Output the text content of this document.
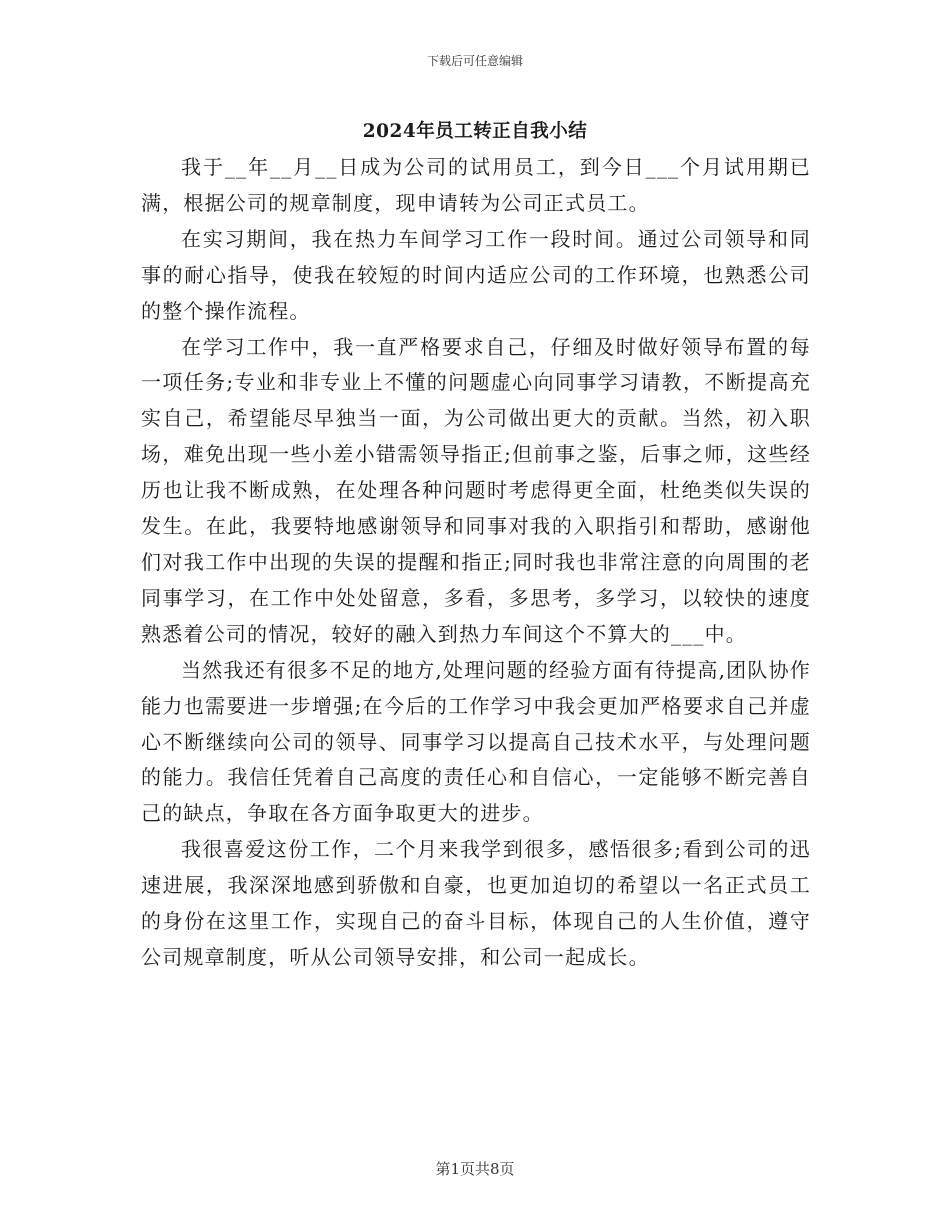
下载后可任意编辑
2024年员工转正自我小结

我于__年__月__日成为公司的试用员工，到今日___个月试用期已满，根据公司的规章制度，现申请转为公司正式员工。

在实习期间，我在热力车间学习工作一段时间。通过公司领导和同事的耐心指导，使我在较短的时间内适应公司的工作环境，也熟悉公司的整个操作流程。

在学习工作中，我一直严格要求自己，仔细及时做好领导布置的每一项任务;专业和非专业上不懂的问题虚心向同事学习请教，不断提高充实自己，希望能尽早独当一面，为公司做出更大的贡献。当然，初入职场，难免出现一些小差小错需领导指正;但前事之鉴，后事之师，这些经历也让我不断成熟，在处理各种问题时考虑得更全面，杜绝类似失误的发生。在此，我要特地感谢领导和同事对我的入职指引和帮助，感谢他们对我工作中出现的失误的提醒和指正;同时我也非常注意的向周围的老同事学习，在工作中处处留意，多看，多思考，多学习，以较快的速度熟悉着公司的情况，较好的融入到热力车间这个不算大的___中。

当然我还有很多不足的地方,处理问题的经验方面有待提高,团队协作能力也需要进一步增强;在今后的工作学习中我会更加严格要求自己并虚心不断继续向公司的领导、同事学习以提高自己技术水平，与处理问题的能力。我信任凭着自己高度的责任心和自信心，一定能够不断完善自己的缺点，争取在各方面争取更大的进步。

我很喜爱这份工作，二个月来我学到很多，感悟很多;看到公司的迅速进展，我深深地感到骄傲和自豪，也更加迫切的希望以一名正式员工的身份在这里工作，实现自己的奋斗目标，体现自己的人生价值，遵守公司规章制度，听从公司领导安排，和公司一起成长。

第1页共8页
